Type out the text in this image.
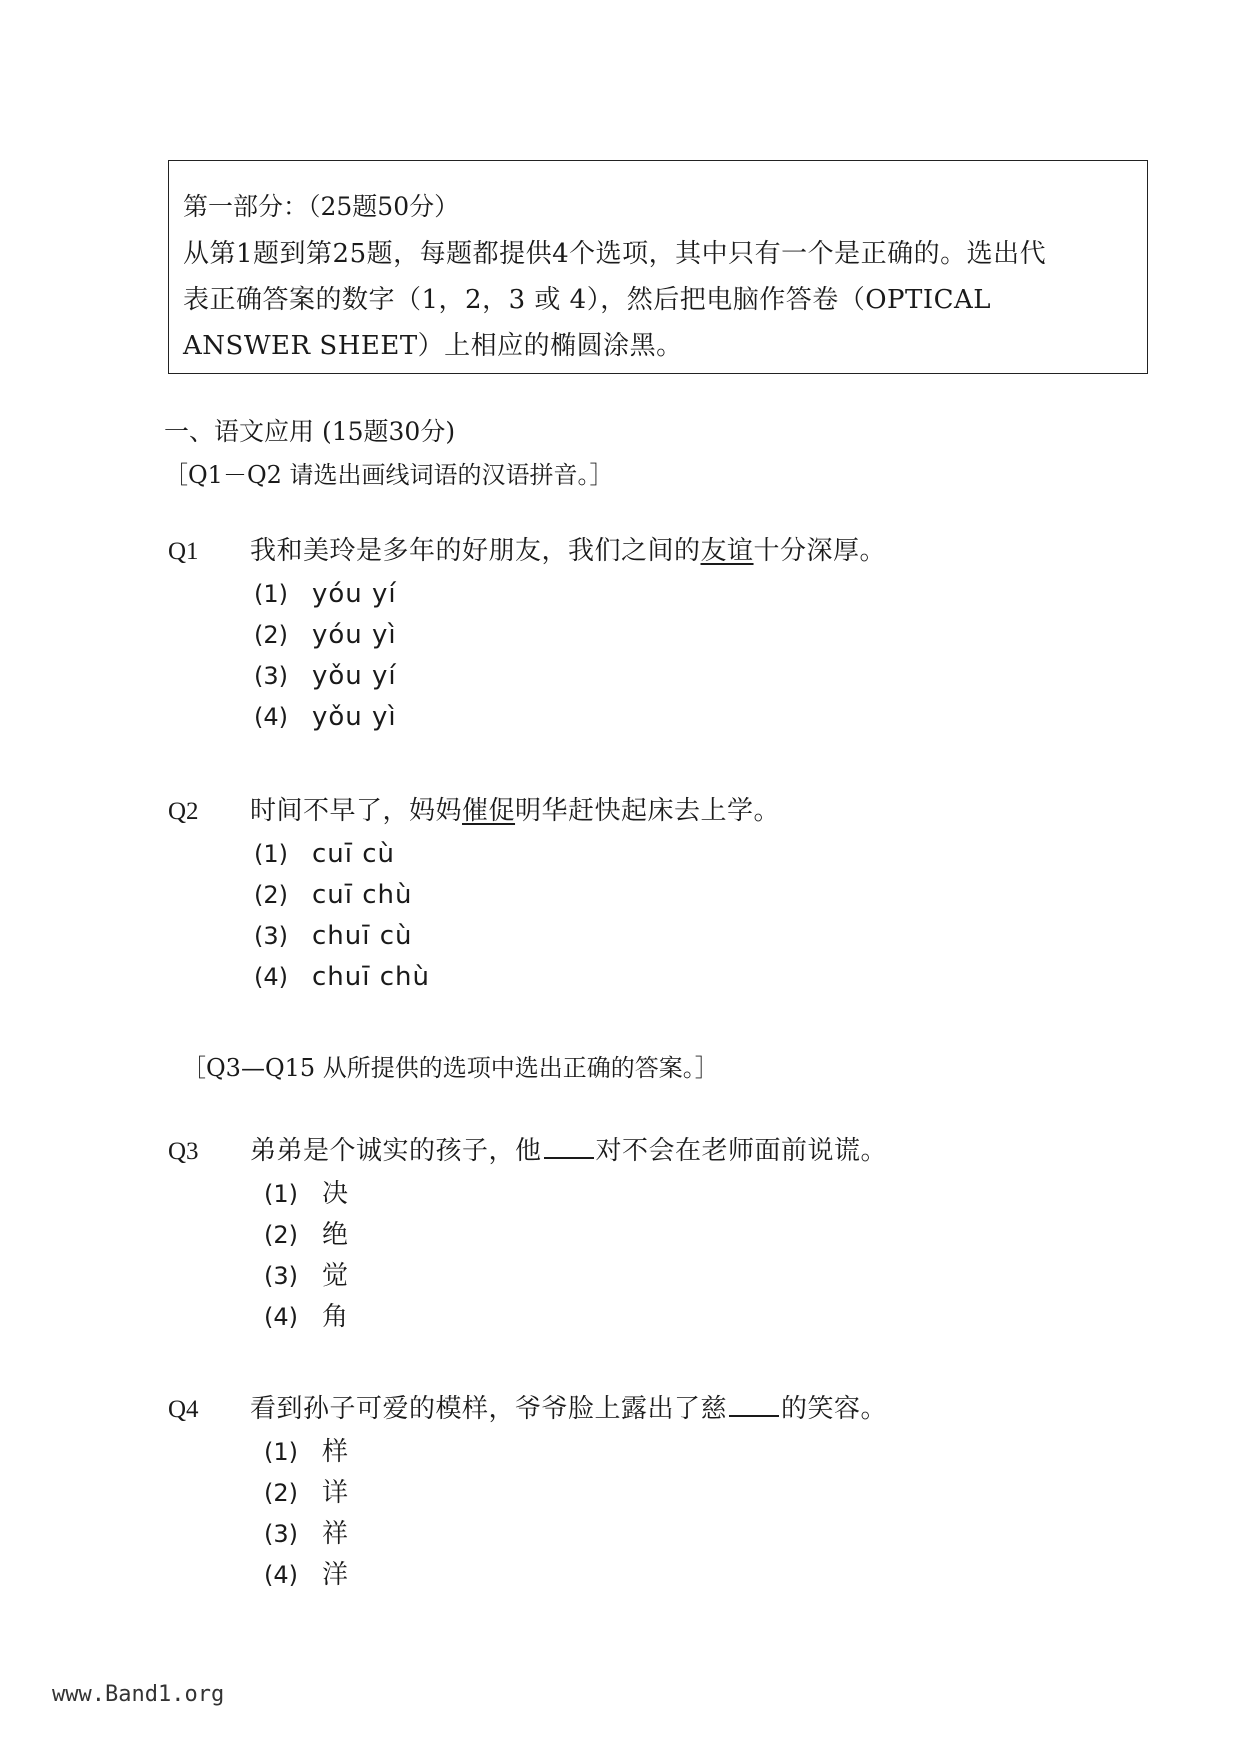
第一部分：（25题50分）
从第1题到第25题，每题都提供4个选项，其中只有一个是正确的。选出代
表正确答案的数字（1，2，3 或 4），然后把电脑作答卷（OPTICAL
ANSWER SHEET）上相应的椭圆涂黑。
一、语文应用 (15题30分)
［Q1－Q2 请选出画线词语的汉语拼音。］
Q1	我和美玲是多年的好朋友，我们之间的友谊十分深厚。
(1) yóu yí
(2) yóu yì
(3) yǒu yí
(4) yǒu yì
Q2	时间不早了，妈妈催促明华赶快起床去上学。
(1) cuī cù
(2) cuī chù
(3) chuī cù
(4) chuī chù
［Q3—Q15 从所提供的选项中选出正确的答案。］
Q3	弟弟是个诚实的孩子，他 对不会在老师面前说谎。
(1) 决
(2) 绝
(3) 觉
(4) 角
Q4	看到孙子可爱的模样，爷爷脸上露出了慈 的笑容。
(1) 样
(2) 详
(3) 祥
(4) 洋
www.Band1.org
